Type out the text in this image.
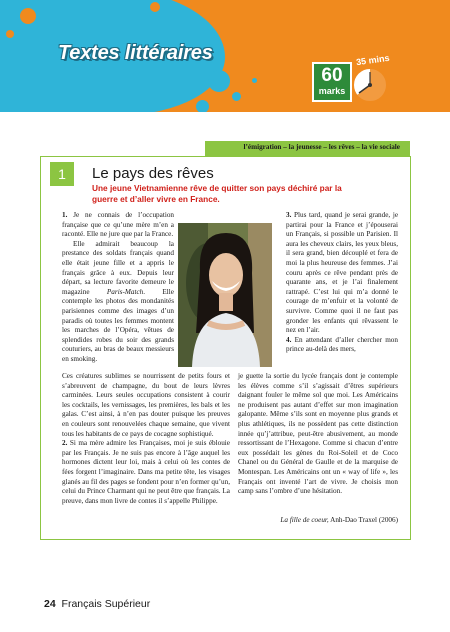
Textes littéraires
60
marks
35 mins
l’émigration – la jeunesse – les rêves – la vie sociale
1	Le pays des rêves
Une jeune Vietnamienne rêve de quitter son pays déchiré par la guerre et d’aller vivre en France.

1. Je ne connais de l’occupation française que ce qu’une mère m’en a raconté. Elle ne jure que par la France.

Elle admirait beaucoup la prestance des soldats français quand elle était jeune fille et a appris le français grâce à eux. Depuis leur départ, sa lecture favorite demeure le magazine Paris-Match. Elle contemple les photos des mondanités parisiennes comme des images d’un paradis où toutes les femmes montent les marches de l’Opéra, vêtues de splendides robes du soir des grands couturiers, au bras de beaux messieurs en smoking.

Ces créatures sublimes se nourrissent de petits fours et s’abreuvent de champagne, du bout de leurs lèvres carminées. Leurs seules occupations consistent à courir les cocktails, les vernissages, les premières, les bals et les galas. C’est ainsi, à n’en pas douter puisque les preuves en couleurs sont renouvelées chaque semaine, que vivent tous les habitants de ce pays de cocagne sophistiqué.

2. Si ma mère admire les Françaises, moi je suis éblouie par les Français. Je ne suis pas encore à l’âge auquel les hormones dictent leur loi, mais à celui où les contes de fées forgent l’imaginaire. Dans ma petite tête, les visages glanés au fil des pages se fondent pour n’en former qu’un, celui du Prince Charmant qui ne peut être que français. La preuve, dans mon livre de contes il s’appelle Philippe.

3. Plus tard, quand je serai grande, je partirai pour la France et j’épouserai un Français, si possible un Parisien. Il aura les cheveux clairs, les yeux bleus, il sera grand, bien découplé et fera de moi la plus heureuse des femmes. J’ai couru après ce rêve pendant près de quarante ans, et je l’ai finalement rattrapé. C’est lui qui m’a donné le courage de m’enfuir et la volonté de survivre. Comme quoi il ne faut pas gronder les enfants qui rêvassent le nez en l’air.

4. En attendant d’aller chercher mon prince au-delà des mers,

je guette la sortie du lycée français dont je contemple les élèves comme s’il s’agissait d’êtres supérieurs daignant fouler le même sol que moi. Les Américains ne produisent pas autant d’effet sur mon imagination galopante. Même s’ils sont en moyenne plus grands et plus athlétiques, ils ne possèdent pas cette distinction innée qu’j’attribue, peut-être abusivement, au monde ressortissant de l’Hexagone. Comme si chacun d’entre eux possédait les gènes du Roi-Soleil et de Coco Chanel ou du Général de Gaulle et de la marquise de Montespan. Les Américains ont un « way of life », les Français ont inventé l’art de vivre. Je choisis mon camp sans l’ombre d’une hésitation.

La fille de coeur, Anh-Dao Traxel (2006)
24 Français Supérieur
